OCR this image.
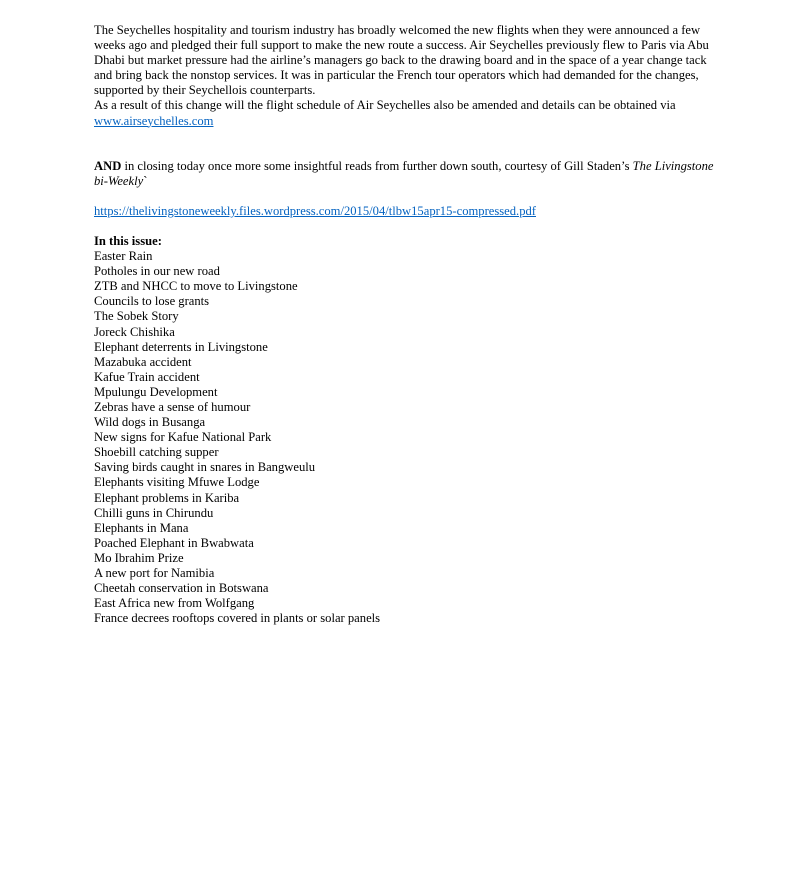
The Seychelles hospitality and tourism industry has broadly welcomed the new flights when they were announced a few weeks ago and pledged their full support to make the new route a success. Air Seychelles previously flew to Paris via Abu Dhabi but market pressure had the airline’s managers go back to the drawing board and in the space of a year change tack and bring back the nonstop services. It was in particular the French tour operators which had demanded for the changes, supported by their Seychellois counterparts.

As a result of this change will the flight schedule of Air Seychelles also be amended and details can be obtained via www.airseychelles.com

AND in closing today once more some insightful reads from further down south, courtesy of Gill Staden’s The Livingstone bi-Weekly`

https://thelivingstoneweekly.files.wordpress.com/2015/04/tlbw15apr15-compressed.pdf

In this issue:

Easter Rain
Potholes in our new road
ZTB and NHCC to move to Livingstone
Councils to lose grants
The Sobek Story
Joreck Chishika
Elephant deterrents in Livingstone
Mazabuka accident
Kafue Train accident
Mpulungu Development
Zebras have a sense of humour
Wild dogs in Busanga
New signs for Kafue National Park
Shoebill catching supper
Saving birds caught in snares in Bangweulu
Elephants visiting Mfuwe Lodge
Elephant problems in Kariba
Chilli guns in Chirundu
Elephants in Mana
Poached Elephant in Bwabwata
Mo Ibrahim Prize
A new port for Namibia
Cheetah conservation in Botswana
East Africa new from Wolfgang
France decrees rooftops covered in plants or solar panels
